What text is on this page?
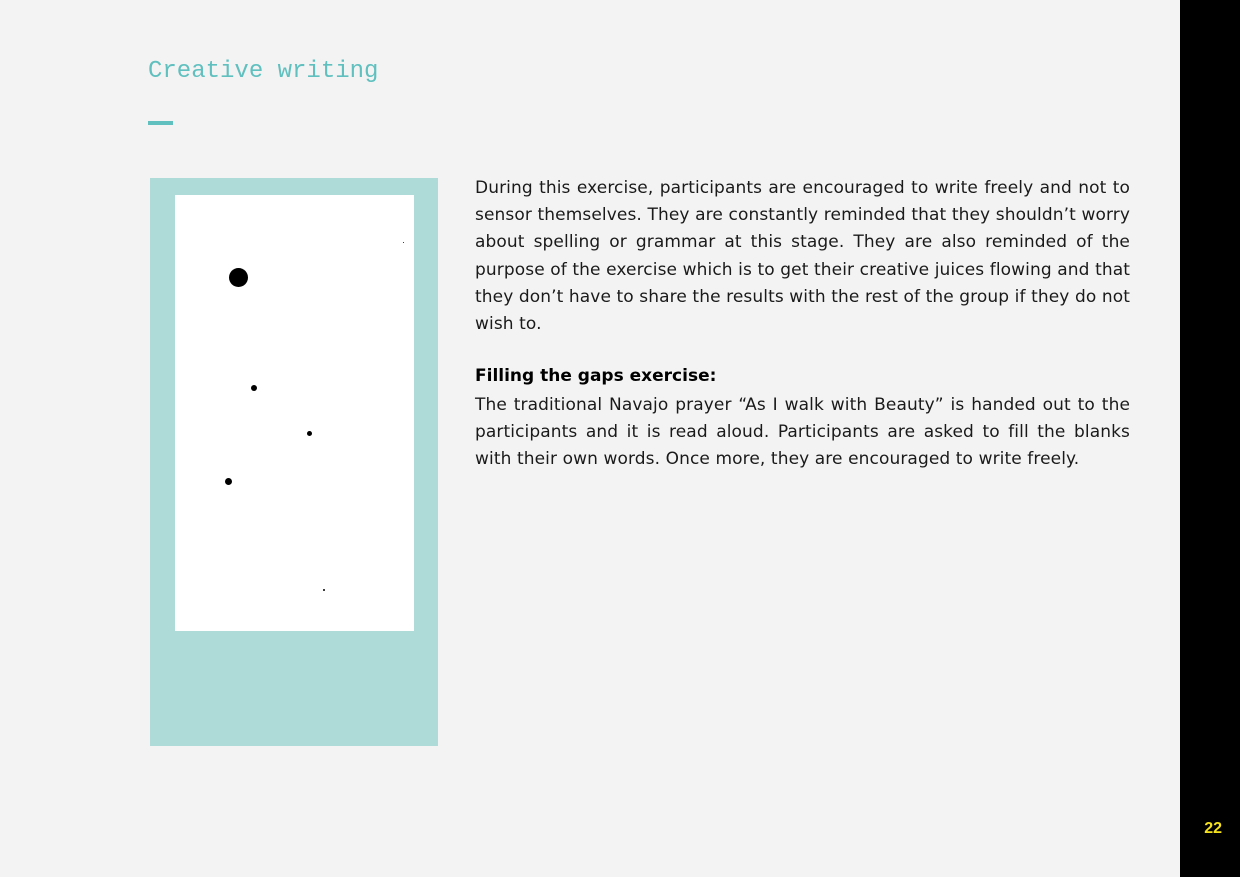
Creative writing

During this exercise, participants are encouraged to write freely and not to sensor themselves. They are constantly reminded that they shouldn’t worry about spelling or grammar at this stage. They are also reminded of the purpose of the exercise which is to get their creative juices flowing and that they don’t have to share the results with the rest of the group if they do not wish to.

Filling the gaps exercise:

The traditional Navajo prayer “As I walk with Beauty” is handed out to the participants and it is read aloud. Participants are asked to fill the blanks with their own words. Once more, they are encouraged to write freely.

22
